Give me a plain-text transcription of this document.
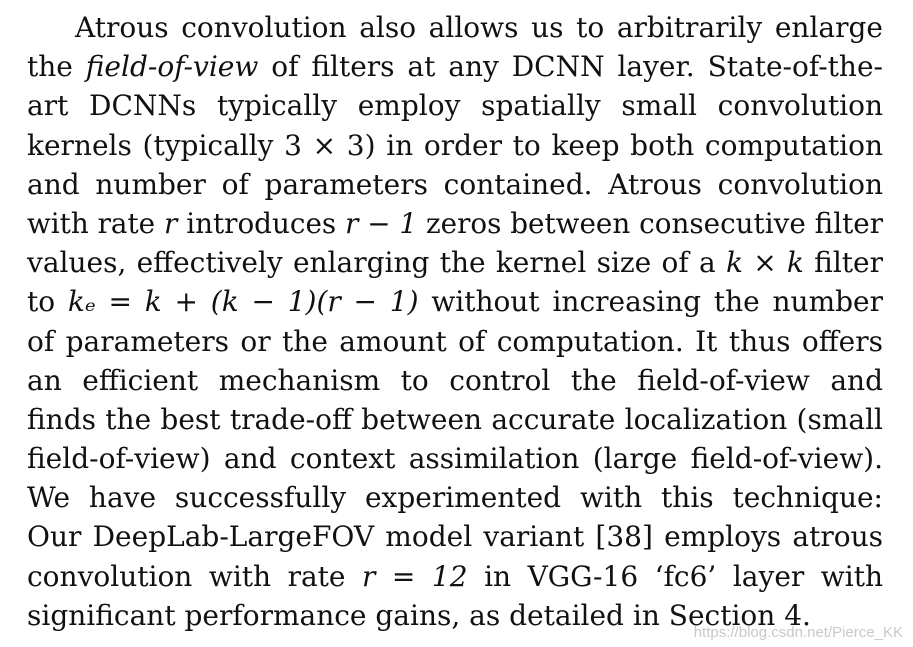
Atrous convolution also allows us to arbitrarily enlarge
the field-of-view of filters at any DCNN layer. State-of-the-
art DCNNs typically employ spatially small convolution
kernels (typically 3 × 3) in order to keep both computation
and number of parameters contained. Atrous convolution
with rate r introduces r − 1 zeros between consecutive filter
values, effectively enlarging the kernel size of a k × k filter
to kₑ = k + (k − 1)(r − 1) without increasing the number
of parameters or the amount of computation. It thus offers
an efficient mechanism to control the field-of-view and
finds the best trade-off between accurate localization (small
field-of-view) and context assimilation (large field-of-view).
We have successfully experimented with this technique:
Our DeepLab-LargeFOV model variant [38] employs atrous
convolution with rate r = 12 in VGG-16 ‘fc6’ layer with
significant performance gains, as detailed in Section 4.
https://blog.csdn.net/Pierce_KK
